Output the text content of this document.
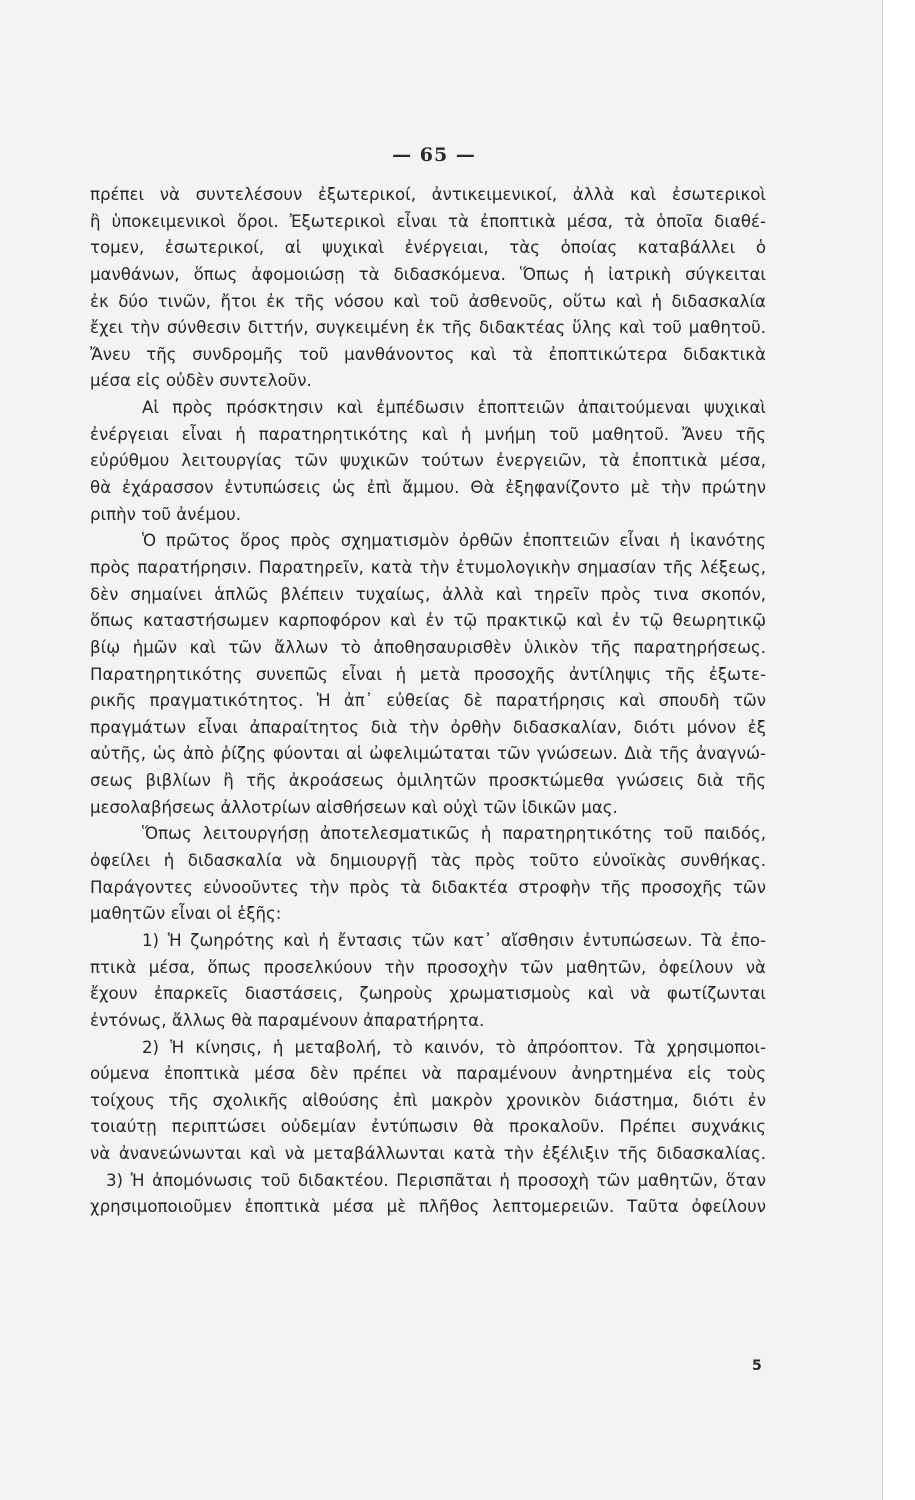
— 65 —
πρέπει νὰ συντελέσουν ἐξωτερικοί, ἀντικειμενικοί, ἀλλὰ καὶ ἐσωτερικοὶ
ἢ ὑποκειμενικοὶ ὅροι. Ἐξωτερικοὶ εἶναι τὰ ἐποπτικὰ μέσα, τὰ ὁποῖα διαθέ-
τομεν, ἐσωτερικοί, αἱ ψυχικαὶ ἐνέργειαι, τὰς ὁποίας καταβάλλει ὁ
μανθάνων, ὅπως ἀφομοιώσῃ τὰ διδασκόμενα. Ὅπως ἡ ἰατρικὴ σύγκειται
ἐκ δύο τινῶν, ἤτοι ἐκ τῆς νόσου καὶ τοῦ ἀσθενοῦς, οὕτω καὶ ἡ διδασκαλία
ἔχει τὴν σύνθεσιν διττήν, συγκειμένη ἐκ τῆς διδακτέας ὕλης καὶ τοῦ μαθητοῦ.
Ἄνευ τῆς συνδρομῆς τοῦ μανθάνοντος καὶ τὰ ἐποπτικώτερα διδακτικὰ
μέσα εἰς οὐδὲν συντελοῦν.
Αἱ πρὸς πρόσκτησιν καὶ ἐμπέδωσιν ἐποπτειῶν ἀπαιτούμεναι ψυχικαὶ
ἐνέργειαι εἶναι ἡ παρατηρητικότης καὶ ἡ μνήμη τοῦ μαθητοῦ. Ἄνευ τῆς
εὐρύθμου λειτουργίας τῶν ψυχικῶν τούτων ἐνεργειῶν, τὰ ἐποπτικὰ μέσα,
θὰ ἐχάρασσον ἐντυπώσεις ὡς ἐπὶ ἄμμου. Θὰ ἐξηφανίζοντο μὲ τὴν πρώτην
ριπὴν τοῦ ἀνέμου.
Ὁ πρῶτος ὅρος πρὸς σχηματισμὸν ὀρθῶν ἐποπτειῶν εἶναι ἡ ἱκανότης
πρὸς παρατήρησιν. Παρατηρεῖν, κατὰ τὴν ἐτυμολογικὴν σημασίαν τῆς λέξεως,
δὲν σημαίνει ἁπλῶς βλέπειν τυχαίως, ἀλλὰ καὶ τηρεῖν πρὸς τινα σκοπόν,
ὅπως καταστήσωμεν καρποφόρον καὶ ἐν τῷ πρακτικῷ καὶ ἐν τῷ θεωρητικῷ
βίῳ ἡμῶν καὶ τῶν ἄλλων τὸ ἀποθησαυρισθὲν ὑλικὸν τῆς παρατηρήσεως.
Παρατηρητικότης συνεπῶς εἶναι ἡ μετὰ προσοχῆς ἀντίληψις τῆς ἐξωτε-
ρικῆς πραγματικότητος. Ἡ ἀπ᾽ εὐθείας δὲ παρατήρησις καὶ σπουδὴ τῶν
πραγμάτων εἶναι ἀπαραίτητος διὰ τὴν ὀρθὴν διδασκαλίαν, διότι μόνον ἐξ
αὐτῆς, ὡς ἀπὸ ῥίζης φύονται αἱ ὠφελιμώταται τῶν γνώσεων. Διὰ τῆς ἀναγνώ-
σεως βιβλίων ἢ τῆς ἀκροάσεως ὁμιλητῶν προσκτώμεθα γνώσεις διὰ τῆς
μεσολαβήσεως ἀλλοτρίων αἰσθήσεων καὶ οὐχὶ τῶν ἰδικῶν μας.
Ὅπως λειτουργήσῃ ἀποτελεσματικῶς ἡ παρατηρητικότης τοῦ παιδός,
ὀφείλει ἡ διδασκαλία νὰ δημιουργῇ τὰς πρὸς τοῦτο εὐνοϊκὰς συνθήκας.
Παράγοντες εὐνοοῦντες τὴν πρὸς τὰ διδακτέα στροφὴν τῆς προσοχῆς τῶν
μαθητῶν εἶναι οἱ ἑξῆς:
1) Ἡ ζωηρότης καὶ ἡ ἔντασις τῶν κατ᾽ αἴσθησιν ἐντυπώσεων. Τὰ ἐπο-
πτικὰ μέσα, ὅπως προσελκύουν τὴν προσοχὴν τῶν μαθητῶν, ὀφείλουν νὰ
ἔχουν ἐπαρκεῖς διαστάσεις, ζωηροὺς χρωματισμοὺς καὶ νὰ φωτίζωνται
ἐντόνως, ἄλλως θὰ παραμένουν ἀπαρατήρητα.
2) Ἡ κίνησις, ἡ μεταβολή, τὸ καινόν, τὸ ἀπρόοπτον. Τὰ χρησιμοποι-
ούμενα ἐποπτικὰ μέσα δὲν πρέπει νὰ παραμένουν ἀνηρτημένα εἰς τοὺς
τοίχους τῆς σχολικῆς αἰθούσης ἐπὶ μακρὸν χρονικὸν διάστημα, διότι ἐν
τοιαύτῃ περιπτώσει οὐδεμίαν ἐντύπωσιν θὰ προκαλοῦν. Πρέπει συχνάκις
νὰ ἀνανεώνωνται καὶ νὰ μεταβάλλωνται κατὰ τὴν ἐξέλιξιν τῆς διδασκαλίας.
3) Ἡ ἀπομόνωσις τοῦ διδακτέου. Περισπᾶται ἡ προσοχὴ τῶν μαθητῶν, ὅταν
χρησιμοποιοῦμεν ἐποπτικὰ μέσα μὲ πλῆθος λεπτομερειῶν. Ταῦτα ὀφείλουν
5
